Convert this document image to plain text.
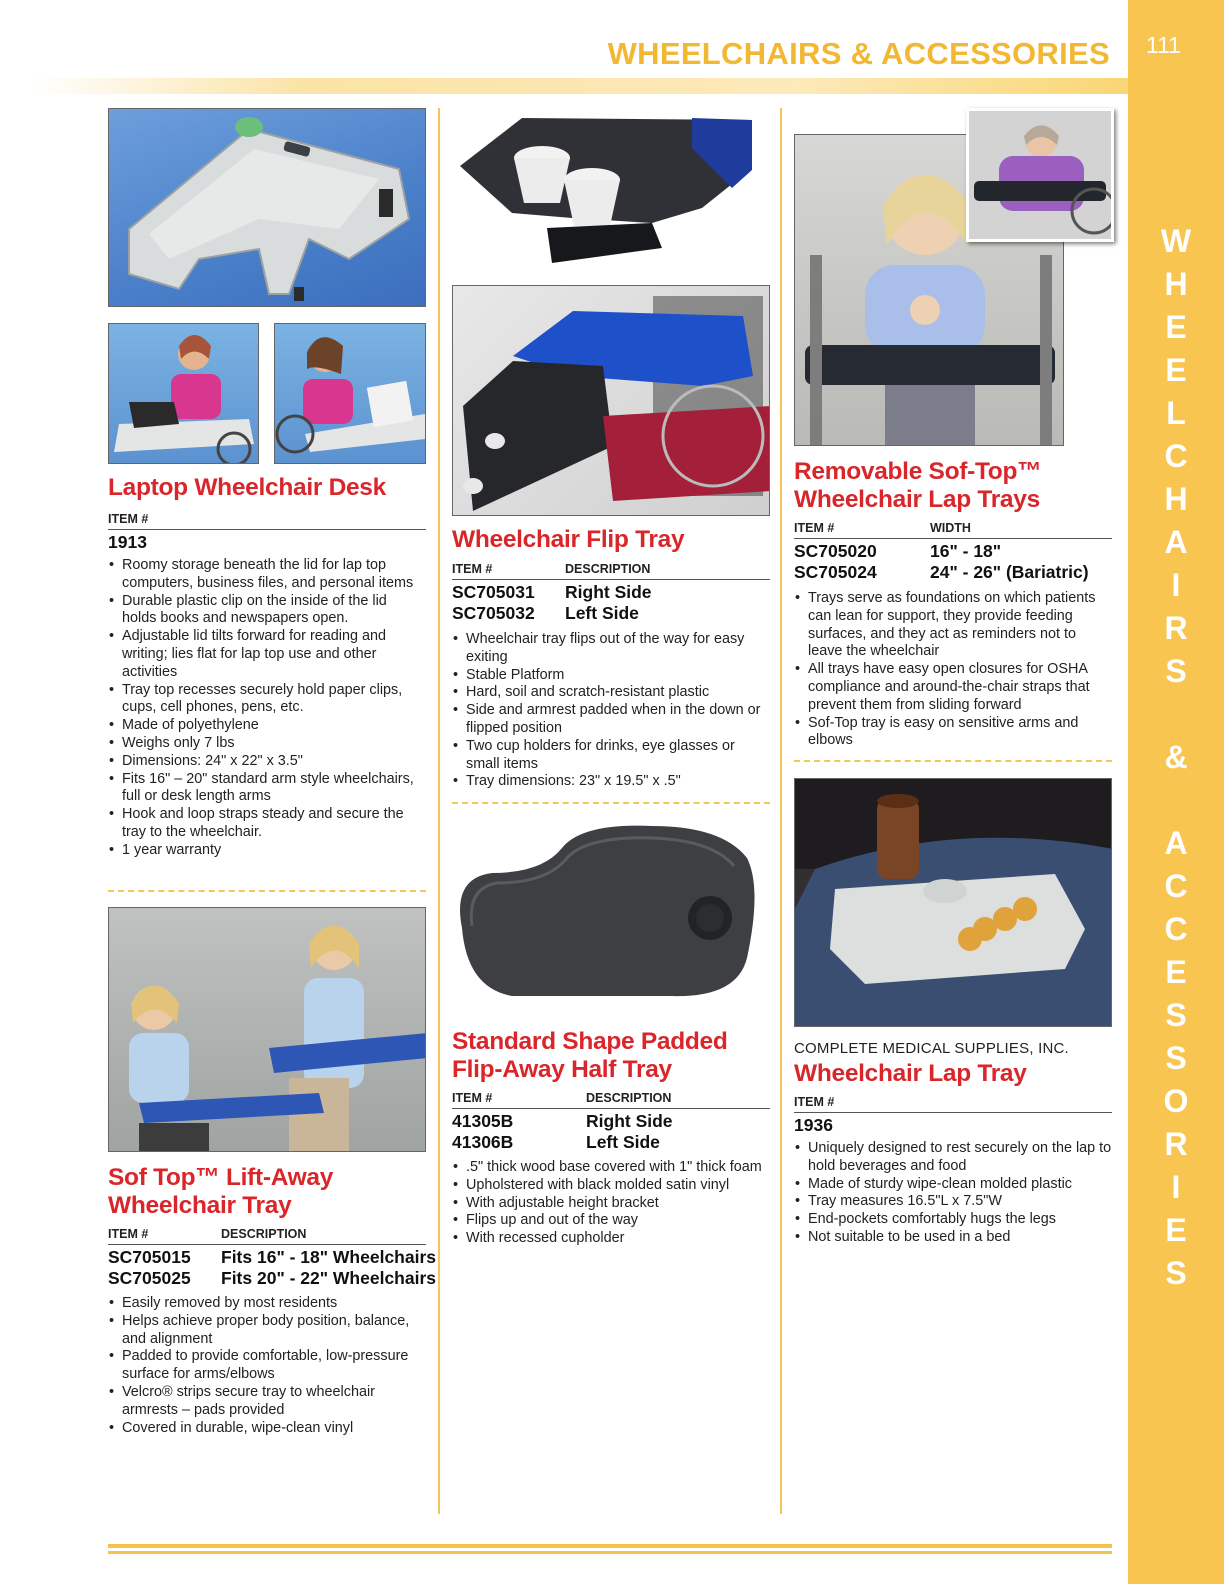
111
W
H
E
E
L
C
H
A
I
R
S

&

A
C
C
E
S
S
O
R
I
E
S
WHEELCHAIRS & ACCESSORIES
Laptop Wheelchair Desk
ITEM #
1913
• Roomy storage beneath the lid for lap top computers, business files, and personal items
• Durable plastic clip on the inside of the lid holds books and newspapers open.
• Adjustable lid tilts forward for reading and writing; lies flat for lap top use and other activities
• Tray top recesses securely hold paper clips, cups, cell phones, pens, etc.
• Made of polyethylene
• Weighs only 7 lbs
• Dimensions: 24" x 22" x 3.5"
• Fits 16" – 20" standard arm style wheelchairs, full or desk length arms
• Hook and loop straps steady and secure the tray to the wheelchair.
• 1 year warranty
Sof Top™ Lift-Away
Wheelchair Tray
ITEM #	DESCRIPTION
SC705015 Fits 16" - 18" Wheelchairs
SC705025 Fits 20" - 22" Wheelchairs
• Easily removed by most residents
• Helps achieve proper body position, balance, and alignment
• Padded to provide comfortable, low-pressure surface for arms/elbows
• Velcro® strips secure tray to wheelchair armrests – pads provided
• Covered in durable, wipe-clean vinyl
Wheelchair Flip Tray
ITEM #	DESCRIPTION
SC705031 Right Side
SC705032 Left Side
• Wheelchair tray flips out of the way for easy exiting
• Stable Platform
• Hard, soil and scratch-resistant plastic
• Side and armrest padded when in the down or flipped position
• Two cup holders for drinks, eye glasses or small items
• Tray dimensions: 23" x 19.5" x .5"
Standard Shape Padded
Flip-Away Half Tray
ITEM #	DESCRIPTION
41305B	Right Side
41306B	Left Side
• .5" thick wood base covered with 1" thick foam
• Upholstered with black molded satin vinyl
• With adjustable height bracket
• Flips up and out of the way
• With recessed cupholder
Removable Sof-Top™
Wheelchair Lap Trays
ITEM #	WIDTH
SC705020	16" - 18"
SC705024	24" - 26" (Bariatric)
• Trays serve as foundations on which patients can lean for support, they provide feeding surfaces, and they act as reminders not to leave the wheelchair
• All trays have easy open closures for OSHA compliance and around-the-chair straps that prevent them from sliding forward
• Sof-Top tray is easy on sensitive arms and elbows
COMPLETE MEDICAL SUPPLIES, INC.
Wheelchair Lap Tray
ITEM #
1936
• Uniquely designed to rest securely on the lap to hold beverages and food
• Made of sturdy wipe-clean molded plastic
• Tray measures 16.5"L x 7.5"W
• End-pockets comfortably hugs the legs
• Not suitable to be used in a bed
